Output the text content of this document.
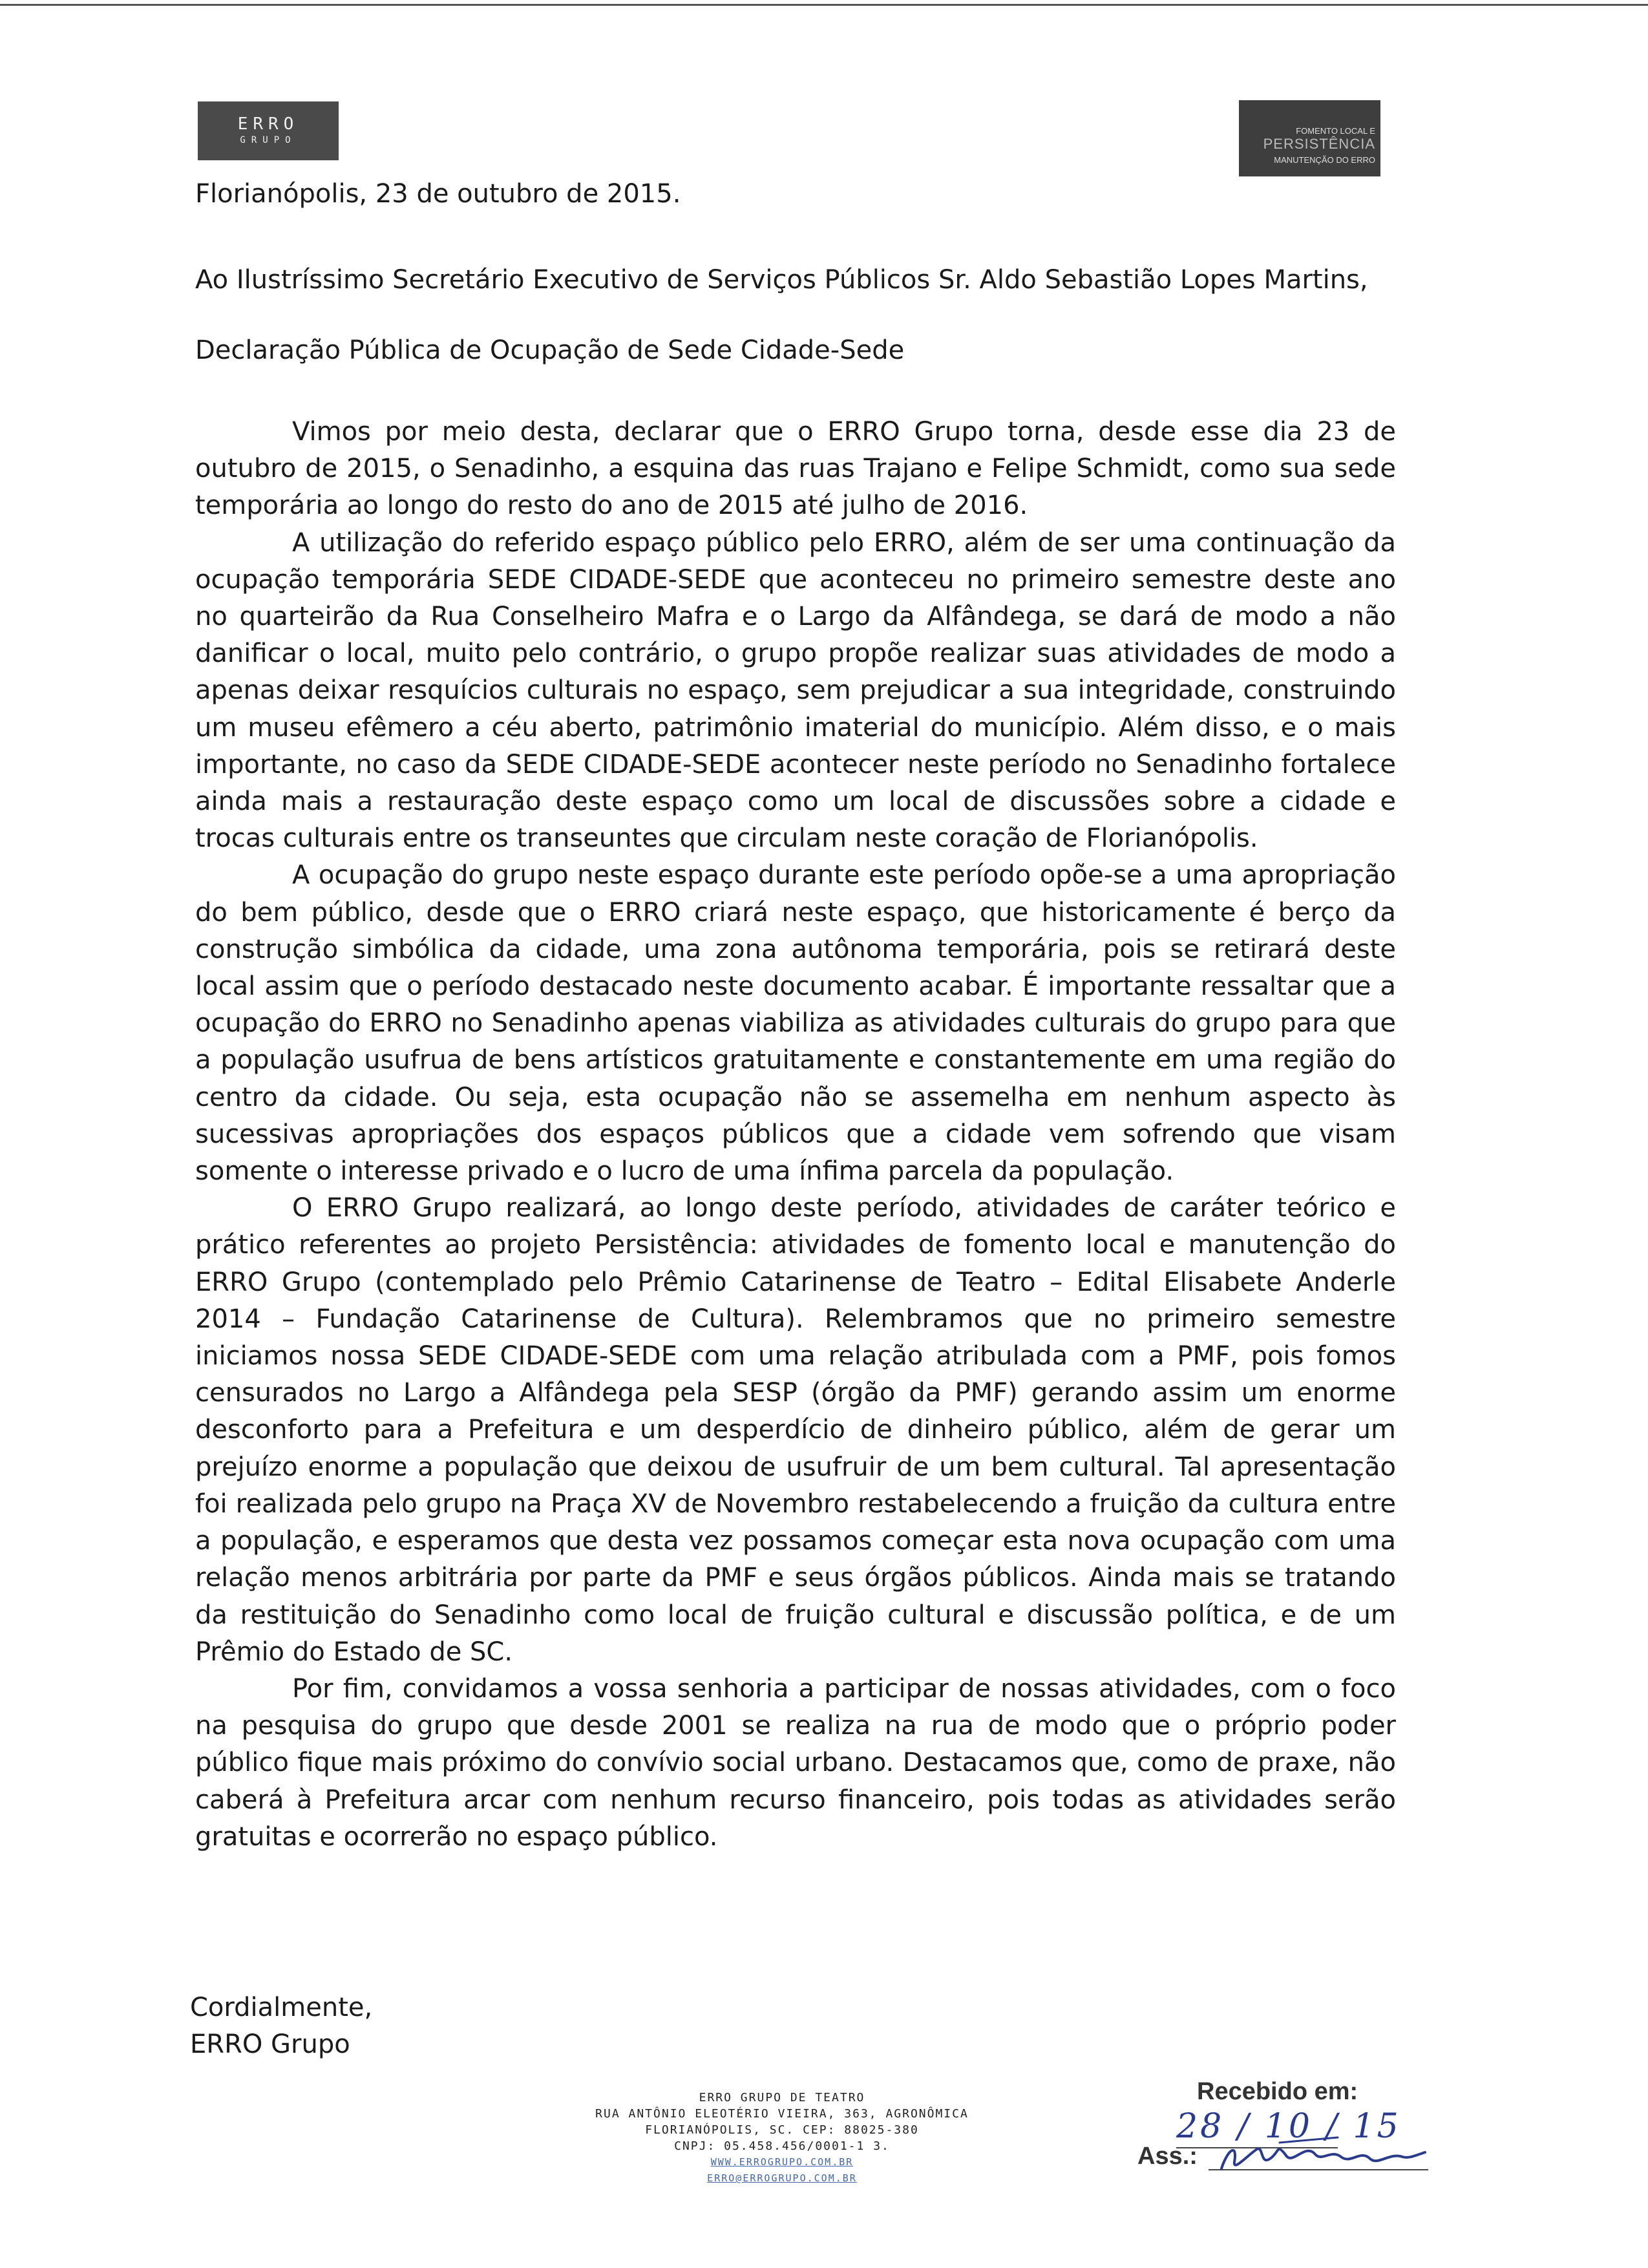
ERRO
GRUPO
FOMENTO LOCAL E
PERSISTÊNCIA
MANUTENÇÃO DO ERRO
Florianópolis, 23 de outubro de 2015.
Ao Ilustríssimo Secretário Executivo de Serviços Públicos Sr. Aldo Sebastião Lopes Martins,
Declaração Pública de Ocupação de Sede Cidade-Sede

Vimos por meio desta, declarar que o ERRO Grupo torna, desde esse dia 23 de outubro de 2015, o Senadinho, a esquina das ruas Trajano e Felipe Schmidt, como sua sede temporária ao longo do resto do ano de 2015 até julho de 2016.

A utilização do referido espaço público pelo ERRO, além de ser uma continuação da ocupação temporária SEDE CIDADE-SEDE que aconteceu no primeiro semestre deste ano no quarteirão da Rua Conselheiro Mafra e o Largo da Alfândega, se dará de modo a não danificar o local, muito pelo contrário, o grupo propõe realizar suas atividades de modo a apenas deixar resquícios culturais no espaço, sem prejudicar a sua integridade, construindo um museu efêmero a céu aberto, patrimônio imaterial do município. Além disso, e o mais importante, no caso da SEDE CIDADE-SEDE acontecer neste período no Senadinho fortalece ainda mais a restauração deste espaço como um local de discussões sobre a cidade e trocas culturais entre os transeuntes que circulam neste coração de Florianópolis.

A ocupação do grupo neste espaço durante este período opõe-se a uma apropriação do bem público, desde que o ERRO criará neste espaço, que historicamente é berço da construção simbólica da cidade, uma zona autônoma temporária, pois se retirará deste local assim que o período destacado neste documento acabar. É importante ressaltar que a ocupação do ERRO no Senadinho apenas viabiliza as atividades culturais do grupo para que a população usufrua de bens artísticos gratuitamente e constantemente em uma região do centro da cidade. Ou seja, esta ocupação não se assemelha em nenhum aspecto às sucessivas apropriações dos espaços públicos que a cidade vem sofrendo que visam somente o interesse privado e o lucro de uma ínfima parcela da população.

O ERRO Grupo realizará, ao longo deste período, atividades de caráter teórico e prático referentes ao projeto Persistência: atividades de fomento local e manutenção do ERRO Grupo (contemplado pelo Prêmio Catarinense de Teatro – Edital Elisabete Anderle 2014 – Fundação Catarinense de Cultura). Relembramos que no primeiro semestre iniciamos nossa SEDE CIDADE-SEDE com uma relação atribulada com a PMF, pois fomos censurados no Largo a Alfândega pela SESP (órgão da PMF) gerando assim um enorme desconforto para a Prefeitura e um desperdício de dinheiro público, além de gerar um prejuízo enorme a população que deixou de usufruir de um bem cultural. Tal apresentação foi realizada pelo grupo na Praça XV de Novembro restabelecendo a fruição da cultura entre a população, e esperamos que desta vez possamos começar esta nova ocupação com uma relação menos arbitrária por parte da PMF e seus órgãos públicos. Ainda mais se tratando da restituição do Senadinho como local de fruição cultural e discussão política, e de um Prêmio do Estado de SC.

Por fim, convidamos a vossa senhoria a participar de nossas atividades, com o foco na pesquisa do grupo que desde 2001 se realiza na rua de modo que o próprio poder público fique mais próximo do convívio social urbano. Destacamos que, como de praxe, não caberá à Prefeitura arcar com nenhum recurso financeiro, pois todas as atividades serão gratuitas e ocorrerão no espaço público.

Cordialmente,
ERRO Grupo
ERRO GRUPO DE TEATRO
RUA ANTÔNIO ELEOTÉRIO VIEIRA, 363, AGRONÔMICA
FLORIANÓPOLIS, SC. CEP: 88025-380
CNPJ: 05.458.456/0001-1 3.
WWW.ERROGRUPO.COM.BR
ERRO@ERROGRUPO.COM.BR
Recebido em:
28 / 10 / 15
Ass.:
